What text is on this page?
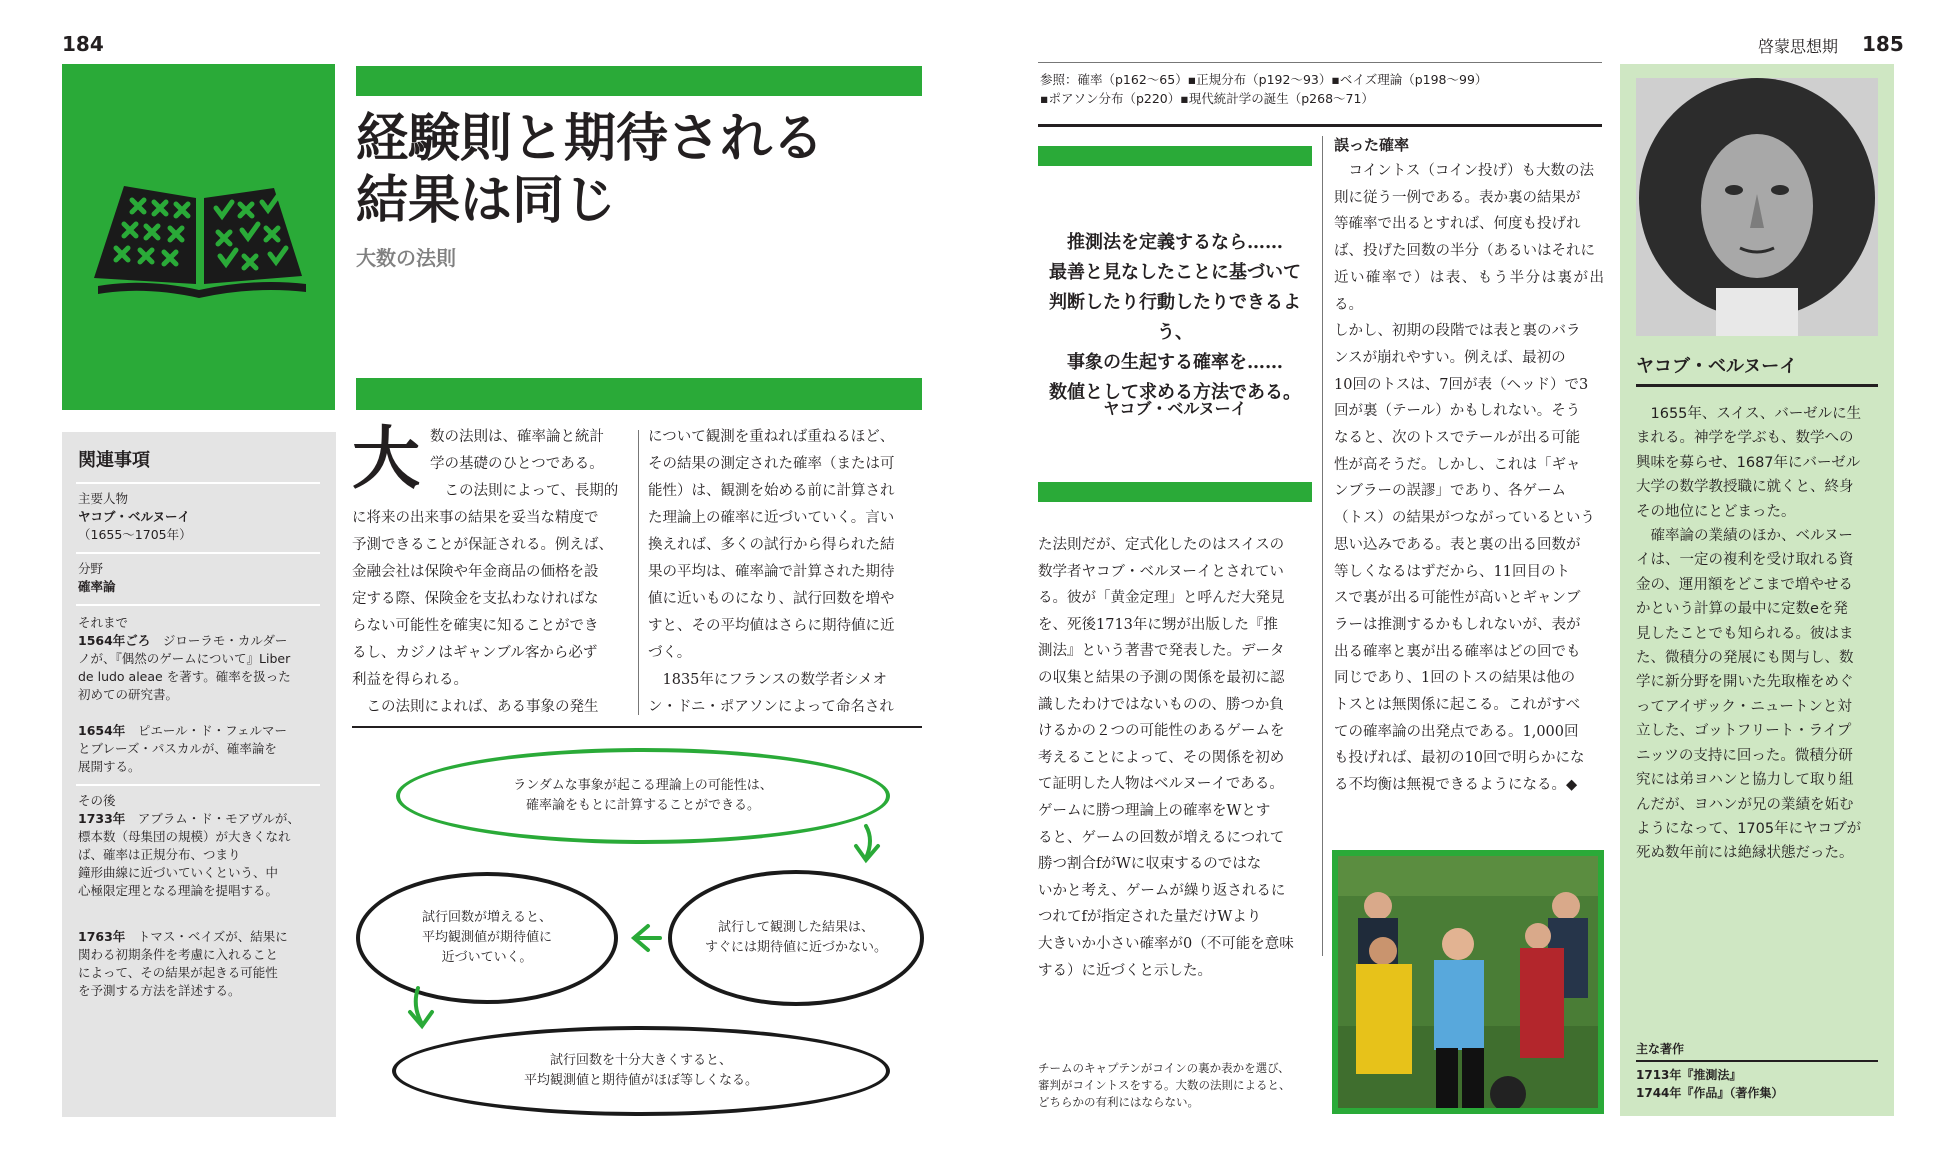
184
経験則と期待される
結果は同じ
大数の法則
関連事項
主要人物
ヤコブ・ベルヌーイ
（1655〜1705年）
分野
確率論
それまで
1564年ごろ　 ジローラモ・カルダー
ノが、『偶然のゲームについて』Liber
de ludo aleae を著す。確率を扱った
初めての研究書。
1654年　 ピエール・ド・フェルマー
とブレーズ・パスカルが、確率論を
展開する。
その後
1733年　 アブラム・ド・モアヴルが、
標本数（母集団の規模）が大きくなれ
ば、確率は正規分布、つまり
鐘形曲線に近づいていくという、中
心極限定理となる理論を提唱する。
1763年　 トマス・ベイズが、結果に
関わる初期条件を考慮に入れること
によって、その結果が起きる可能性
を予測する方法を詳述する。
大 数の法則は、確率論と統計
学の基礎のひとつである。
　この法則によって、長期的
に将来の出来事の結果を妥当な精度で
予測できることが保証される。例えば、
金融会社は保険や年金商品の価格を設
定する際、保険金を支払わなければな
らない可能性を確実に知ることができ
るし、カジノはギャンブル客から必ず
利益を得られる。
　この法則によれば、ある事象の発生
について観測を重ねれば重ねるほど、
その結果の測定された確率（または可
能性）は、観測を始める前に計算され
た理論上の確率に近づいていく。言い
換えれば、多くの試行から得られた結
果の平均は、確率論で計算された期待
値に近いものになり、試行回数を増や
すと、その平均値はさらに期待値に近
づく。
　1835年にフランスの数学者シメオ
ン・ドニ・ポアソンによって命名され
ランダムな事象が起こる理論上の可能性は、
確率論をもとに計算することができる。
試行して観測した結果は、
すぐには期待値に近づかない。
試行回数が増えると、
平均観測値が期待値に
近づいていく。
試行回数を十分大きくすると、
平均観測値と期待値がほぼ等しくなる。
啓蒙思想期 185
参照：確率（p162〜65）▪正規分布（p192〜93）▪ベイズ理論（p198〜99）
▪ポアソン分布（p220）▪現代統計学の誕生（p268〜71）
推測法を定義するなら……
最善と見なしたことに基づいて
判断したり行動したりできるよう、
事象の生起する確率を……
数値として求める方法である。
ヤコブ・ベルヌーイ
た法則だが、定式化したのはスイスの
数学者ヤコブ・ベルヌーイとされてい
る。彼が「黄金定理」と呼んだ大発見
を、死後1713年に甥が出版した『推
測法』という著書で発表した。データ
の収集と結果の予測の関係を最初に認
識したわけではないものの、勝つか負
けるかの２つの可能性のあるゲームを
考えることによって、その関係を初め
て証明した人物はベルヌーイである。
ゲームに勝つ理論上の確率をWとす
ると、ゲームの回数が増えるにつれて
勝つ割合fがWに収束するのではな
いかと考え、ゲームが繰り返されるに
つれてfが指定された量だけWより
大きいか小さい確率が0（不可能を意味
する）に近づくと示した。
誤った確率
　コイントス（コイン投げ）も大数の法
則に従う一例である。表か裏の結果が
等確率で出るとすれば、何度も投げれ
ば、投げた回数の半分（あるいはそれに
近い確率で）は表、もう半分は裏が出る。
しかし、初期の段階では表と裏のバラ
ンスが崩れやすい。例えば、最初の
10回のトスは、7回が表（ヘッド）で3
回が裏（テール）かもしれない。そう
なると、次のトスでテールが出る可能
性が高そうだ。しかし、これは「ギャ
ンブラーの誤謬」であり、各ゲーム
（トス）の結果がつながっているという
思い込みである。表と裏の出る回数が
等しくなるはずだから、11回目のト
スで裏が出る可能性が高いとギャンブ
ラーは推測するかもしれないが、表が
出る確率と裏が出る確率はどの回でも
同じであり、1回のトスの結果は他の
トスとは無関係に起こる。これがすべ
ての確率論の出発点である。1,000回
も投げれば、最初の10回で明らかにな
る不均衡は無視できるようになる。◆
チームのキャプテンがコインの裏か表かを選び、
審判がコイントスをする。大数の法則によると、
どちらかの有利にはならない。
ヤコブ・ベルヌーイ
　1655年、スイス、バーゼルに生
まれる。神学を学ぶも、数学への
興味を募らせ、1687年にバーゼル
大学の数学教授職に就くと、終身
その地位にとどまった。
　確率論の業績のほか、ベルヌー
イは、一定の複利を受け取れる資
金の、運用額をどこまで増やせる
かという計算の最中に定数eを発
見したことでも知られる。彼はま
た、微積分の発展にも関与し、数
学に新分野を開いた先取権をめぐ
ってアイザック・ニュートンと対
立した、ゴットフリート・ライプ
ニッツの支持に回った。微積分研
究には弟ヨハンと協力して取り組
んだが、ヨハンが兄の業績を妬む
ようになって、1705年にヤコブが
死ぬ数年前には絶縁状態だった。
主な著作
1713年『推測法』
1744年『作品』（著作集）
